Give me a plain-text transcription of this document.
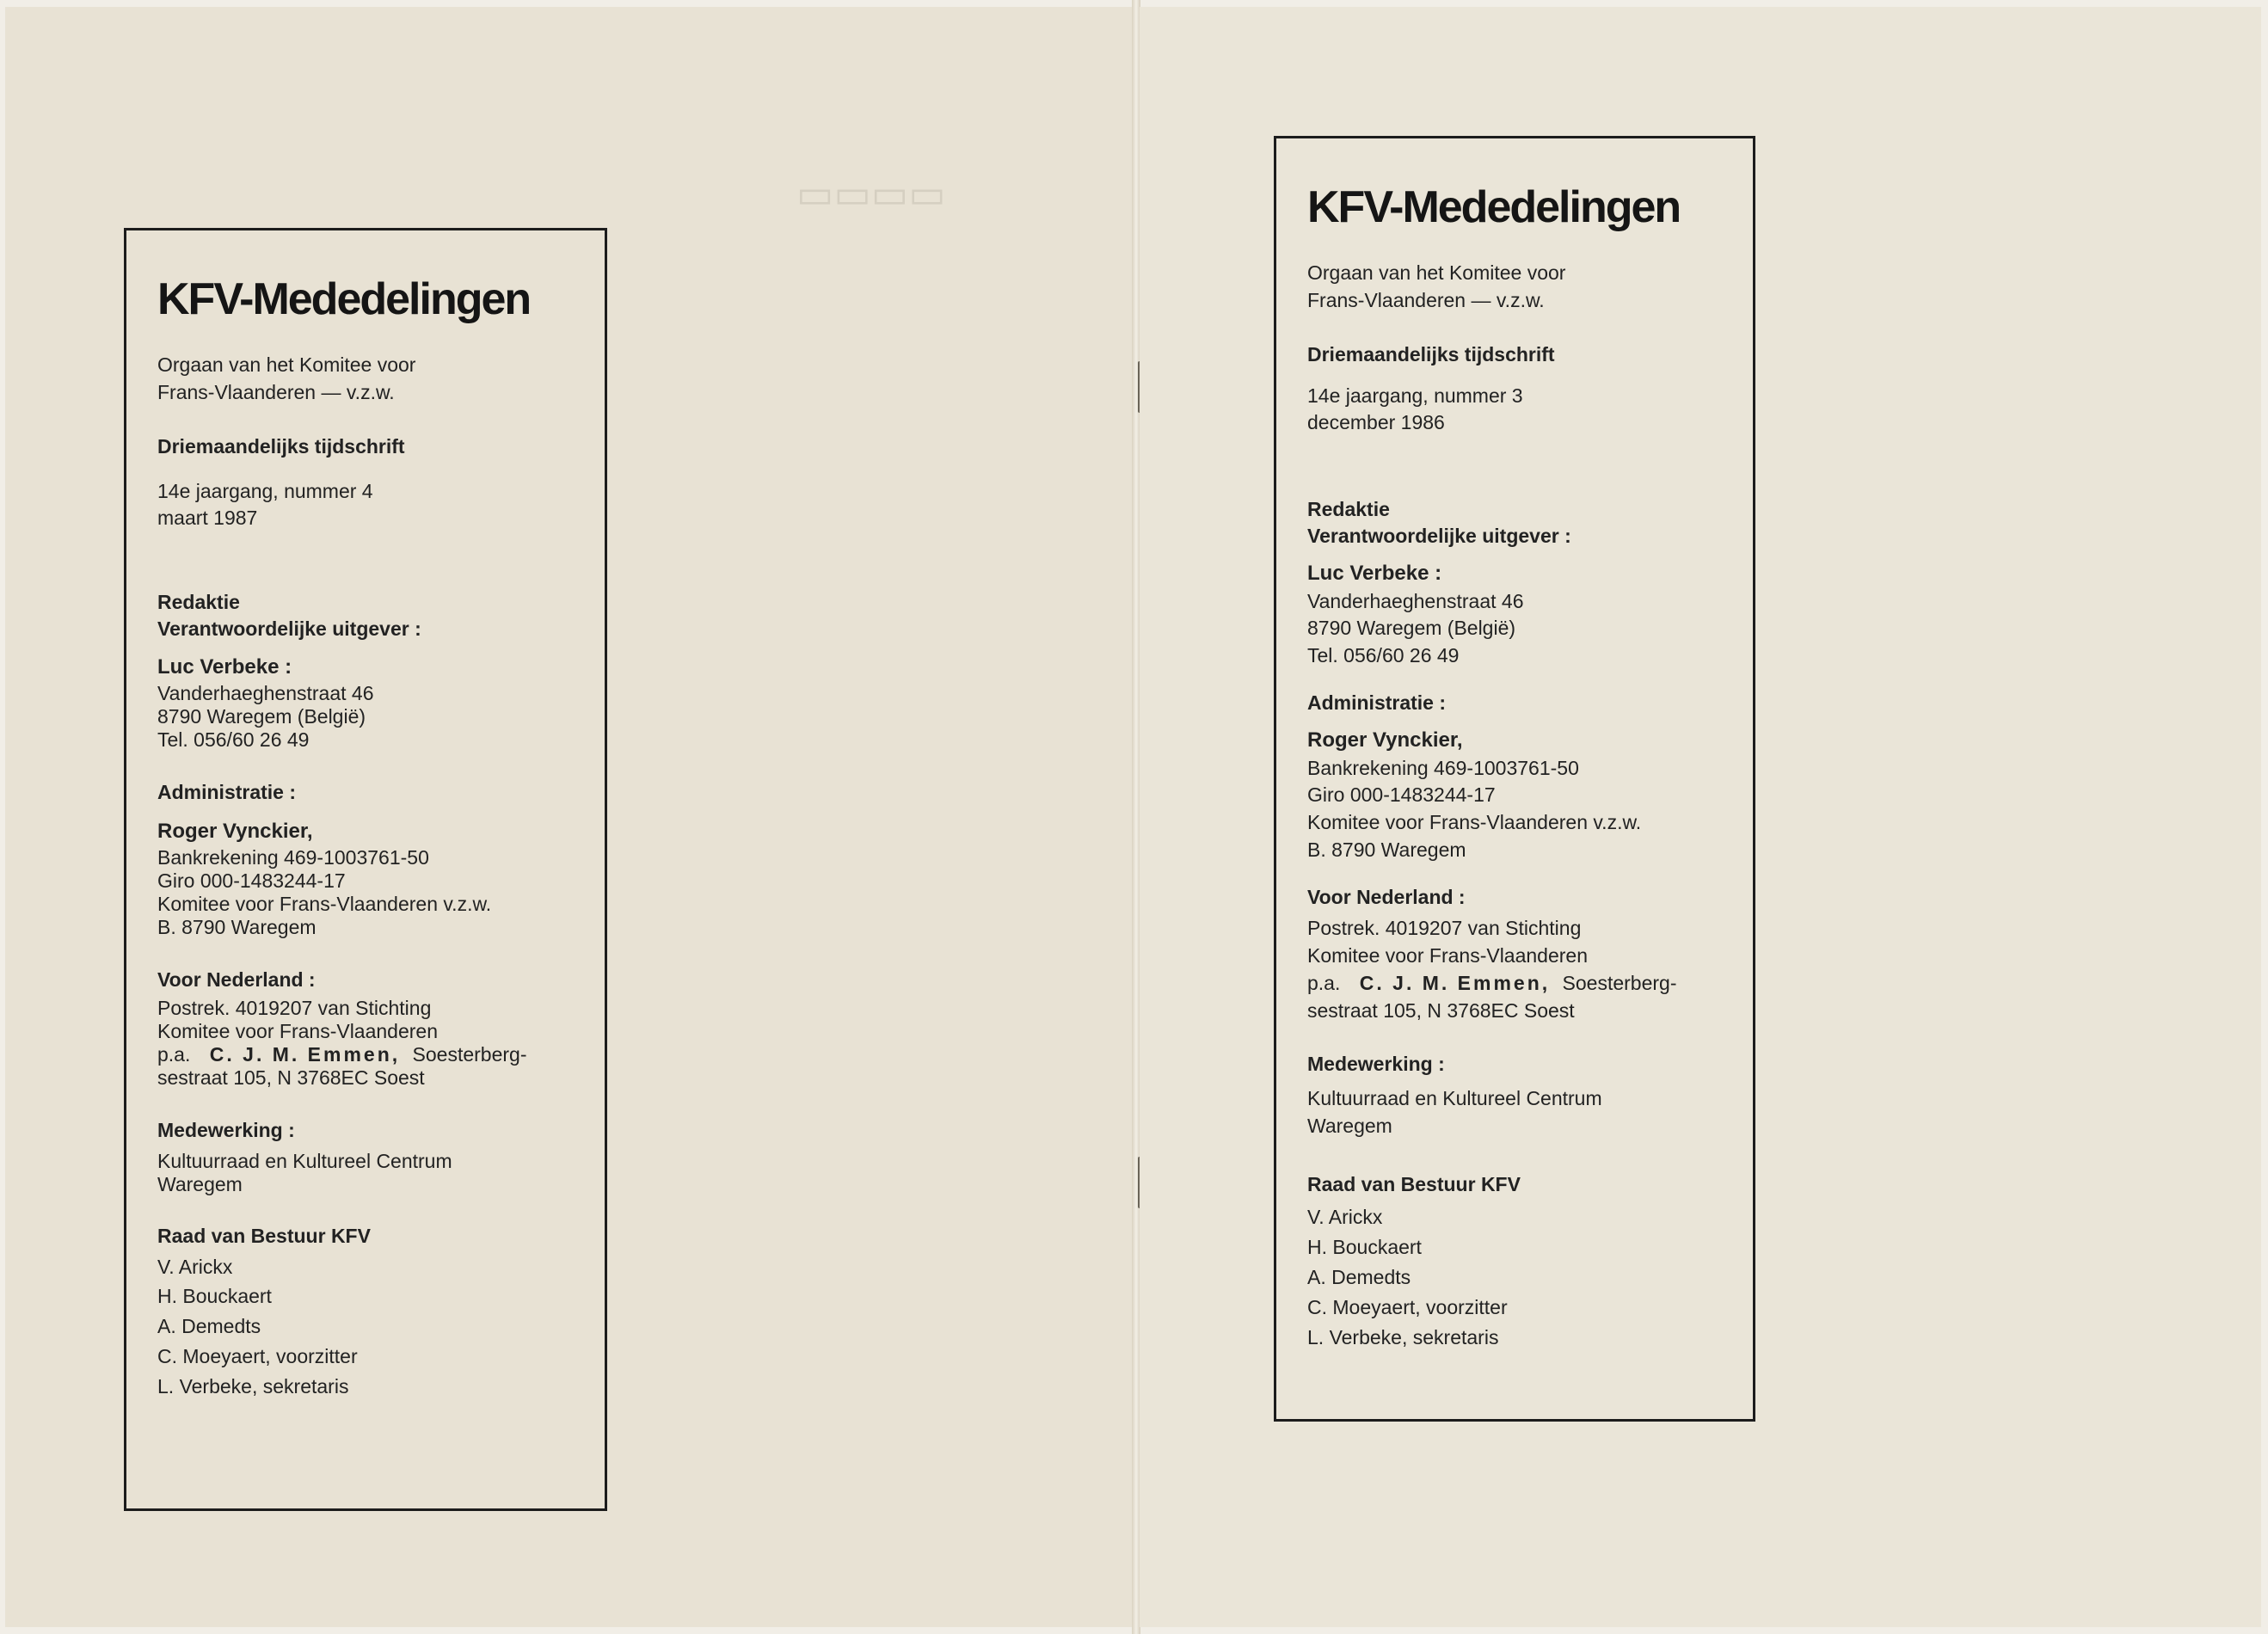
▭▭▭▭
KFV-Mededelingen
Orgaan van het Komitee voor
Frans-Vlaanderen — v.z.w.
Driemaandelijks tijdschrift
14e jaargang, nummer 4
maart 1987
Redaktie
Verantwoordelijke uitgever :
Luc Verbeke :
Vanderhaeghenstraat 46
8790 Waregem (België)
Tel. 056/60 26 49
Administratie :
Roger Vynckier,
Bankrekening 469-1003761-50
Giro 000-1483244-17
Komitee voor Frans-Vlaanderen v.z.w.
B. 8790 Waregem
Voor Nederland :
Postrek. 4019207 van Stichting
Komitee voor Frans-Vlaanderen
p.a. C. J. M. Emmen, Soesterberg-
sestraat 105, N 3768EC Soest
Medewerking :
Kultuurraad en Kultureel Centrum
Waregem
Raad van Bestuur KFV
V. Arickx
H. Bouckaert
A. Demedts
C. Moeyaert, voorzitter
L. Verbeke, sekretaris
KFV-Mededelingen
Orgaan van het Komitee voor
Frans-Vlaanderen — v.z.w.
Driemaandelijks tijdschrift
14e jaargang, nummer 3
december 1986
Redaktie
Verantwoordelijke uitgever :
Luc Verbeke :
Vanderhaeghenstraat 46
8790 Waregem (België)
Tel. 056/60 26 49
Administratie :
Roger Vynckier,
Bankrekening 469-1003761-50
Giro 000-1483244-17
Komitee voor Frans-Vlaanderen v.z.w.
B. 8790 Waregem
Voor Nederland :
Postrek. 4019207 van Stichting
Komitee voor Frans-Vlaanderen
p.a. C. J. M. Emmen, Soesterberg-
sestraat 105, N 3768EC Soest
Medewerking :
Kultuurraad en Kultureel Centrum
Waregem
Raad van Bestuur KFV
V. Arickx
H. Bouckaert
A. Demedts
C. Moeyaert, voorzitter
L. Verbeke, sekretaris
